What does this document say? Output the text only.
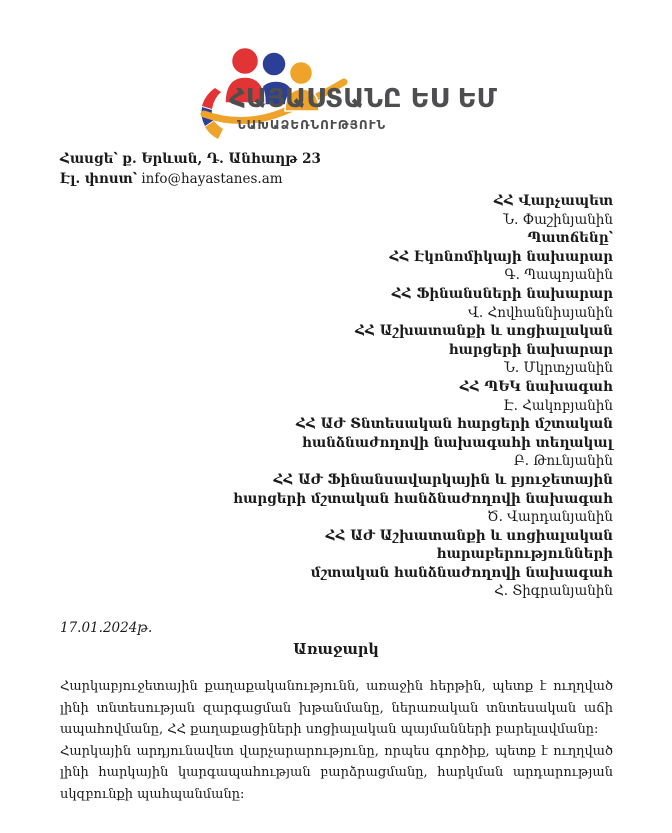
ՀԱՅԱՍՏԱՆԸ ԵՍ ԵՄ
ՆԱԽԱՁԵՌՆՈՒԹՅՈՒՆ
Հասցե՝ ք. Երևան, Դ. Անհաղթ 23
Էլ. փոստ՝ info@hayastanes.am
ՀՀ Վարչապետ
Ն. Փաշինյանին
Պատճենը՝
ՀՀ Էկոնոմիկայի նախարար
Գ. Պապոյանին
ՀՀ Ֆինանսների նախարար
Վ. Հովհաննիսյանին
ՀՀ Աշխատանքի և սոցիալական
հարցերի նախարար
Ն. Մկրտչյանին
ՀՀ ՊԵԿ նախագահ
Է. Հակոբյանին
ՀՀ ԱԺ Տնտեսական հարցերի մշտական
հանձնաժողովի նախագահի տեղակալ
Բ. Թունյանին
ՀՀ ԱԺ Ֆինանսավարկային և բյուջետային
հարցերի մշտական հանձնաժողովի նախագահ
Ծ. Վարդանյանին
ՀՀ ԱԺ Աշխատանքի և սոցիալական
հարաբերությունների
մշտական հանձնաժողովի նախագահ
Հ. Տիգրանյանին
17.01.2024թ.
Առաջարկ

Հարկաբյուջետային քաղաքականությունն, առաջին հերթին, պետք է ուղղված լինի տնտեսության զարգացման խթանմանը, ներառական տնտեսական աճի ապահովմանը, ՀՀ քաղաքացիների սոցիալական պայմանների բարելավմանը։

Հարկային արդյունավետ վարչարարությունը, որպես գործիք, պետք է ուղղված լինի հարկային կարգապահության բարձրացմանը, հարկման արդարության սկզբունքի պահպանմանը։
